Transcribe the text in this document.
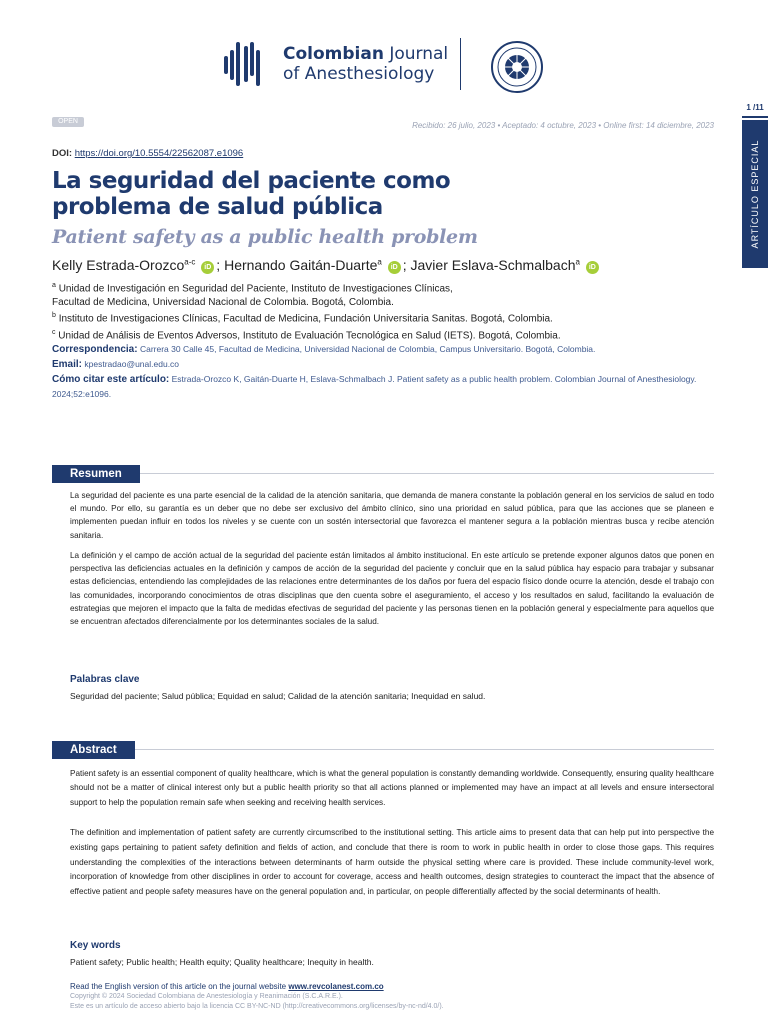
Colombian Journal
of Anesthesiology
1 /11
ARTÍCULO ESPECIAL
OPEN	Recibido: 26 julio, 2023 • Aceptado: 4 octubre, 2023 • Online first: 14 diciembre, 2023
DOI: https://doi.org/10.5554/22562087.e1096
La seguridad del paciente como
problema de salud pública
Patient safety as a public health problem
Kelly Estrada-Orozco$^{a-c}$ iD ; Hernando Gaitán-Duarte$^a$ iD ; Javier Eslava-Schmalbach$^a$ iD
$^a$ Unidad de Investigación en Seguridad del Paciente, Instituto de Investigaciones Clínicas,
Facultad de Medicina, Universidad Nacional de Colombia. Bogotá, Colombia.
$^b$ Instituto de Investigaciones Clínicas, Facultad de Medicina, Fundación Universitaria Sanitas. Bogotá, Colombia.
$^c$ Unidad de Análisis de Eventos Adversos, Instituto de Evaluación Tecnológica en Salud (IETS). Bogotá, Colombia.
Correspondencia: Carrera 30 Calle 45, Facultad de Medicina, Universidad Nacional de Colombia, Campus Universitario. Bogotá, Colombia.
Email: kpestradao@unal.edu.co
Cómo citar este artículo: Estrada-Orozco K, Gaitán-Duarte H, Eslava-Schmalbach J. Patient safety as a public health problem. Colombian Journal of Anesthesiology. 2024;52:e1096.
Resumen
La seguridad del paciente es una parte esencial de la calidad de la atención sanitaria, que demanda de manera constante la población general en los servicios de salud en todo el mundo. Por ello, su garantía es un deber que no debe ser exclusivo del ámbito clínico, sino una prioridad en salud pública, para que las acciones que se planeen e implementen puedan influir en todos los niveles y se cuente con un sostén intersectorial que favorezca el mantener segura a la población mientras busca y recibe atención sanitaria.
La definición y el campo de acción actual de la seguridad del paciente están limitados al ámbito institucional. En este artículo se pretende exponer algunos datos que ponen en perspectiva las deficiencias actuales en la definición y campos de acción de la seguridad del paciente y concluir que en la salud pública hay espacio para trabajar y subsanar estas deficiencias, entendiendo las complejidades de las relaciones entre determinantes de los daños por fuera del espacio físico donde ocurre la atención, desde el trabajo con las comunidades, incorporando conocimientos de otras disciplinas que den cuenta sobre el aseguramiento, el acceso y los resultados en salud, facilitando la evaluación de estrategias que mejoren el impacto que la falta de medidas efectivas de seguridad del paciente y las personas tienen en la población general y especialmente para aquellos que se encuentran afectados diferencialmente por los determinantes sociales de la salud.
Palabras clave
Seguridad del paciente; Salud pública; Equidad en salud; Calidad de la atención sanitaria; Inequidad en salud.
Abstract
Patient safety is an essential component of quality healthcare, which is what the general population is constantly demanding worldwide. Consequently, ensuring quality healthcare should not be a matter of clinical interest only but a public health priority so that all actions planned or implemented may have an impact at all levels and ensure intersectoral support to help the population remain safe when seeking and receiving health services.
The definition and implementation of patient safety are currently circumscribed to the institutional setting. This article aims to present data that can help put into perspective the existing gaps pertaining to patient safety definition and fields of action, and conclude that there is room to work in public health in order to close those gaps. This requires understanding the complexities of the interactions between determinants of harm outside the physical setting where care is provided. These include community-level work, incorporation of knowledge from other disciplines in order to account for coverage, access and health outcomes, design strategies to counteract the impact that the absence of effective patient and people safety measures have on the general population and, in particular, on people differentially affected by the social determinants of health.
Key words
Patient safety; Public health; Health equity; Quality healthcare; Inequity in health.
Read the English version of this article on the journal website www.revcolanest.com.co
Copyright © 2024 Sociedad Colombiana de Anestesiología y Reanimación (S.C.A.R.E.).
Este es un artículo de acceso abierto bajo la licencia CC BY-NC-ND (http://creativecommons.org/licenses/by-nc-nd/4.0/).
